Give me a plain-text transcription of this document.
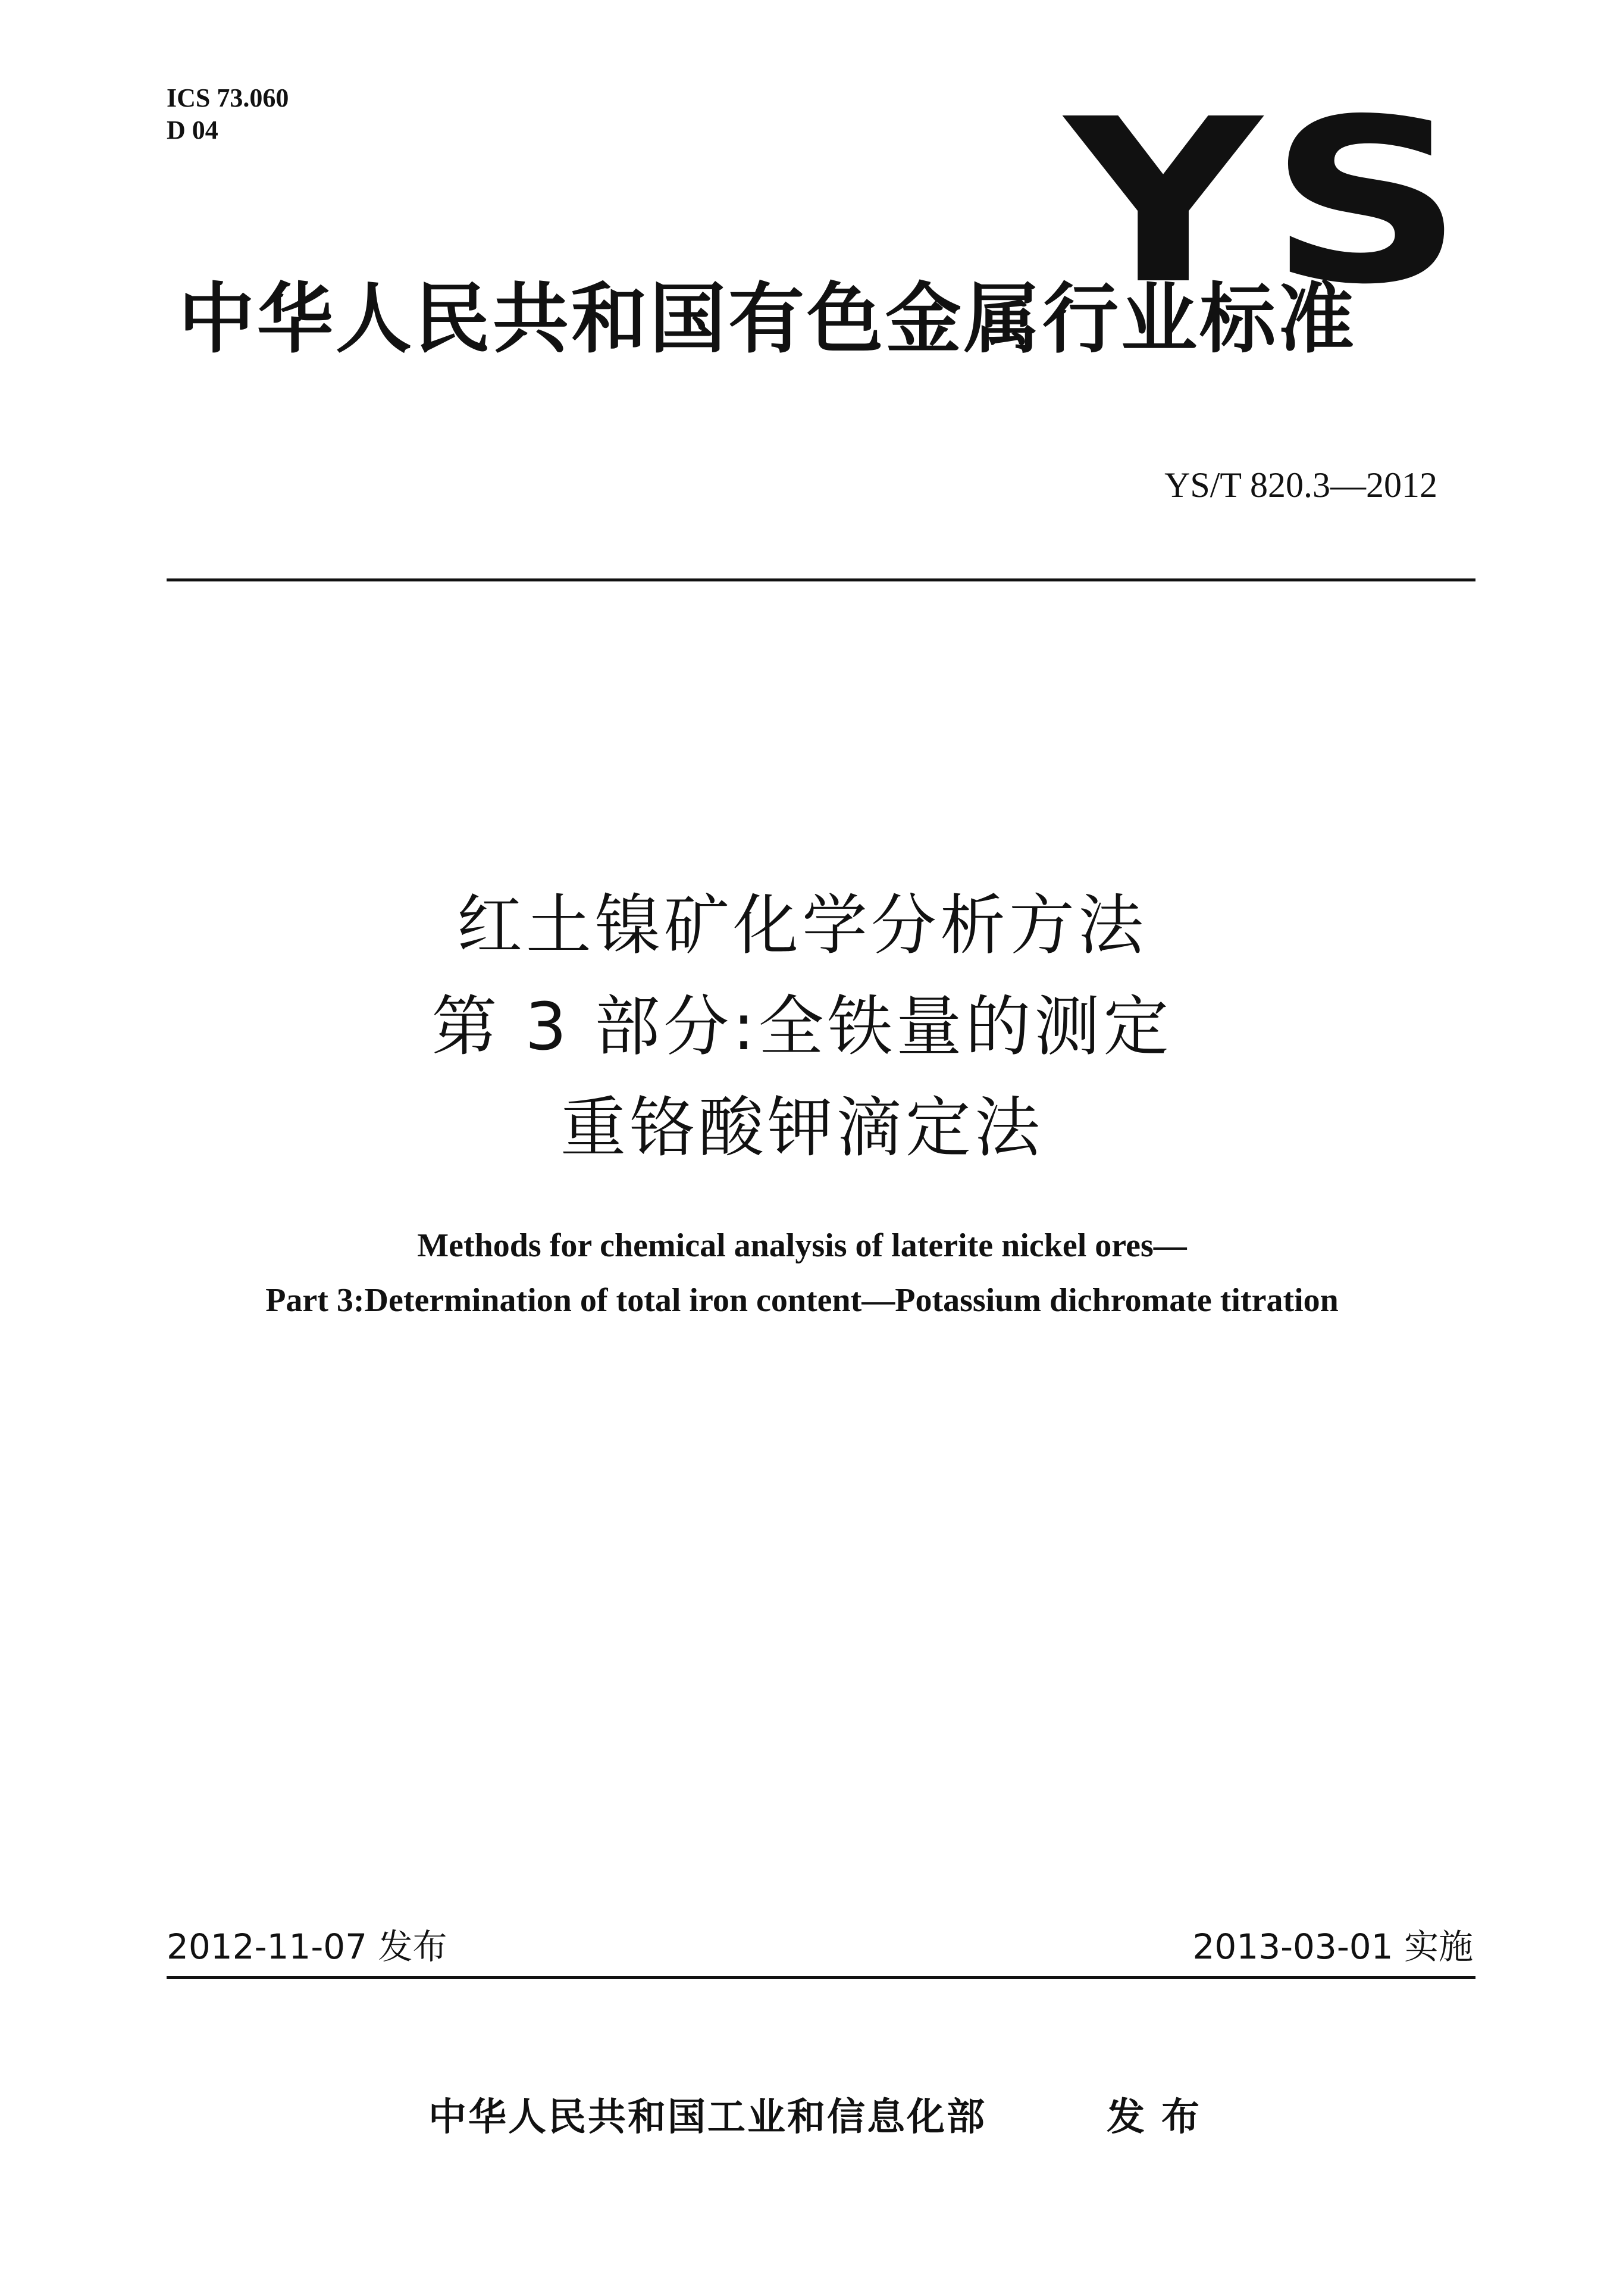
ICS 73.060
D 04	YS
中华人民共和国有色金属行业标准
YS/T 820.3—2012
红土镍矿化学分析方法
第 3 部分:全铁量的测定
重铬酸钾滴定法
Methods for chemical analysis of laterite nickel ores—
Part 3:Determination of total iron content—Potassium dichromate titration
2012-11-07 发布	2013-03-01 实施
中华人民共和国工业和信息化部	发布
